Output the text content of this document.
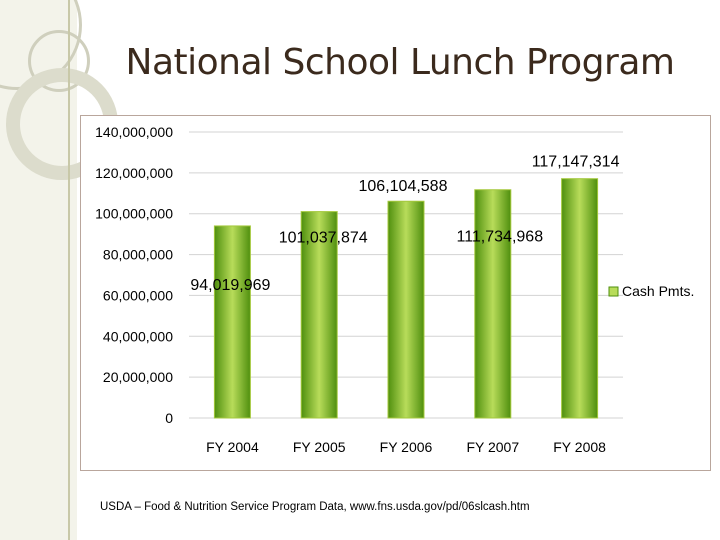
National School Lunch Program
0
20,000,000
40,000,000
60,000,000
80,000,000
100,000,000
120,000,000
140,000,000
FY 2004
94,019,969
FY 2005
101,037,874
FY 2006
106,104,588
FY 2007
111,734,968
FY 2008
117,147,314
Cash Pmts.
USDA – Food & Nutrition Service Program Data, www.fns.usda.gov/pd/06slcash.htm
